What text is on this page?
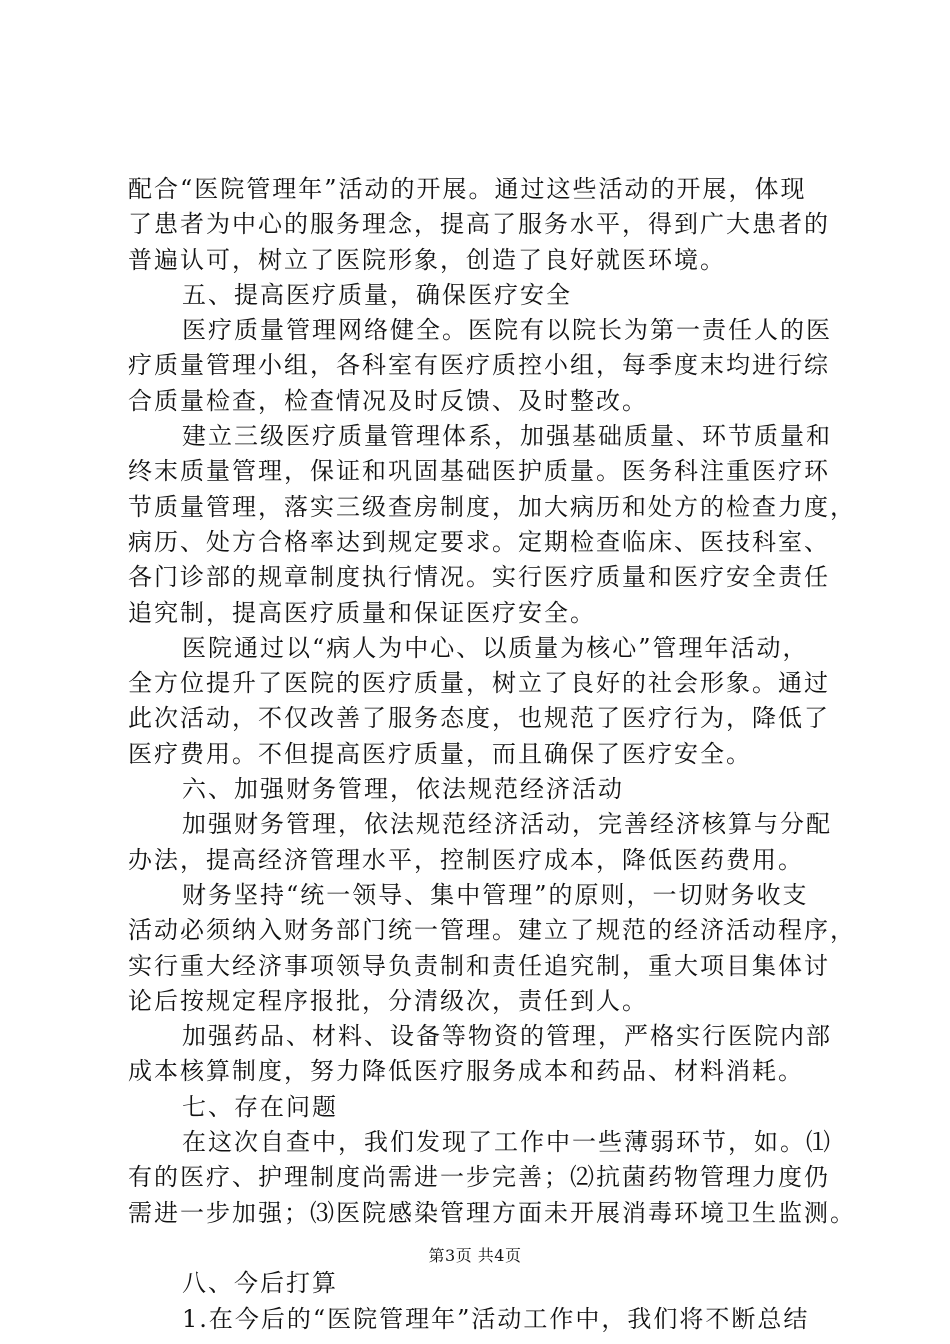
配合“医院管理年”活动的开展。通过这些活动的开展，体现
了患者为中心的服务理念，提高了服务水平，得到广大患者的
普遍认可，树立了医院形象，创造了良好就医环境。
五、提高医疗质量，确保医疗安全
医疗质量管理网络健全。医院有以院长为第一责任人的医
疗质量管理小组，各科室有医疗质控小组，每季度末均进行综
合质量检查，检查情况及时反馈、及时整改。
建立三级医疗质量管理体系，加强基础质量、环节质量和
终末质量管理，保证和巩固基础医护质量。医务科注重医疗环
节质量管理，落实三级查房制度，加大病历和处方的检查力度，
病历、处方合格率达到规定要求。定期检查临床、医技科室、
各门诊部的规章制度执行情况。实行医疗质量和医疗安全责任
追究制，提高医疗质量和保证医疗安全。
医院通过以“病人为中心、以质量为核心”管理年活动，
全方位提升了医院的医疗质量，树立了良好的社会形象。通过
此次活动，不仅改善了服务态度，也规范了医疗行为，降低了
医疗费用。不但提高医疗质量，而且确保了医疗安全。
六、加强财务管理，依法规范经济活动
加强财务管理，依法规范经济活动，完善经济核算与分配
办法，提高经济管理水平，控制医疗成本，降低医药费用。
财务坚持“统一领导、集中管理”的原则，一切财务收支
活动必须纳入财务部门统一管理。建立了规范的经济活动程序，
实行重大经济事项领导负责制和责任追究制，重大项目集体讨
论后按规定程序报批，分清级次，责任到人。
加强药品、材料、设备等物资的管理，严格实行医院内部
成本核算制度，努力降低医疗服务成本和药品、材料消耗。
七、存在问题
在这次自查中，我们发现了工作中一些薄弱环节，如。⑴
有的医疗、护理制度尚需进一步完善；⑵抗菌药物管理力度仍
需进一步加强；⑶医院感染管理方面未开展消毒环境卫生监测。
八、今后打算
1.在今后的“医院管理年”活动工作中，我们将不断总结
第3页 共4页
